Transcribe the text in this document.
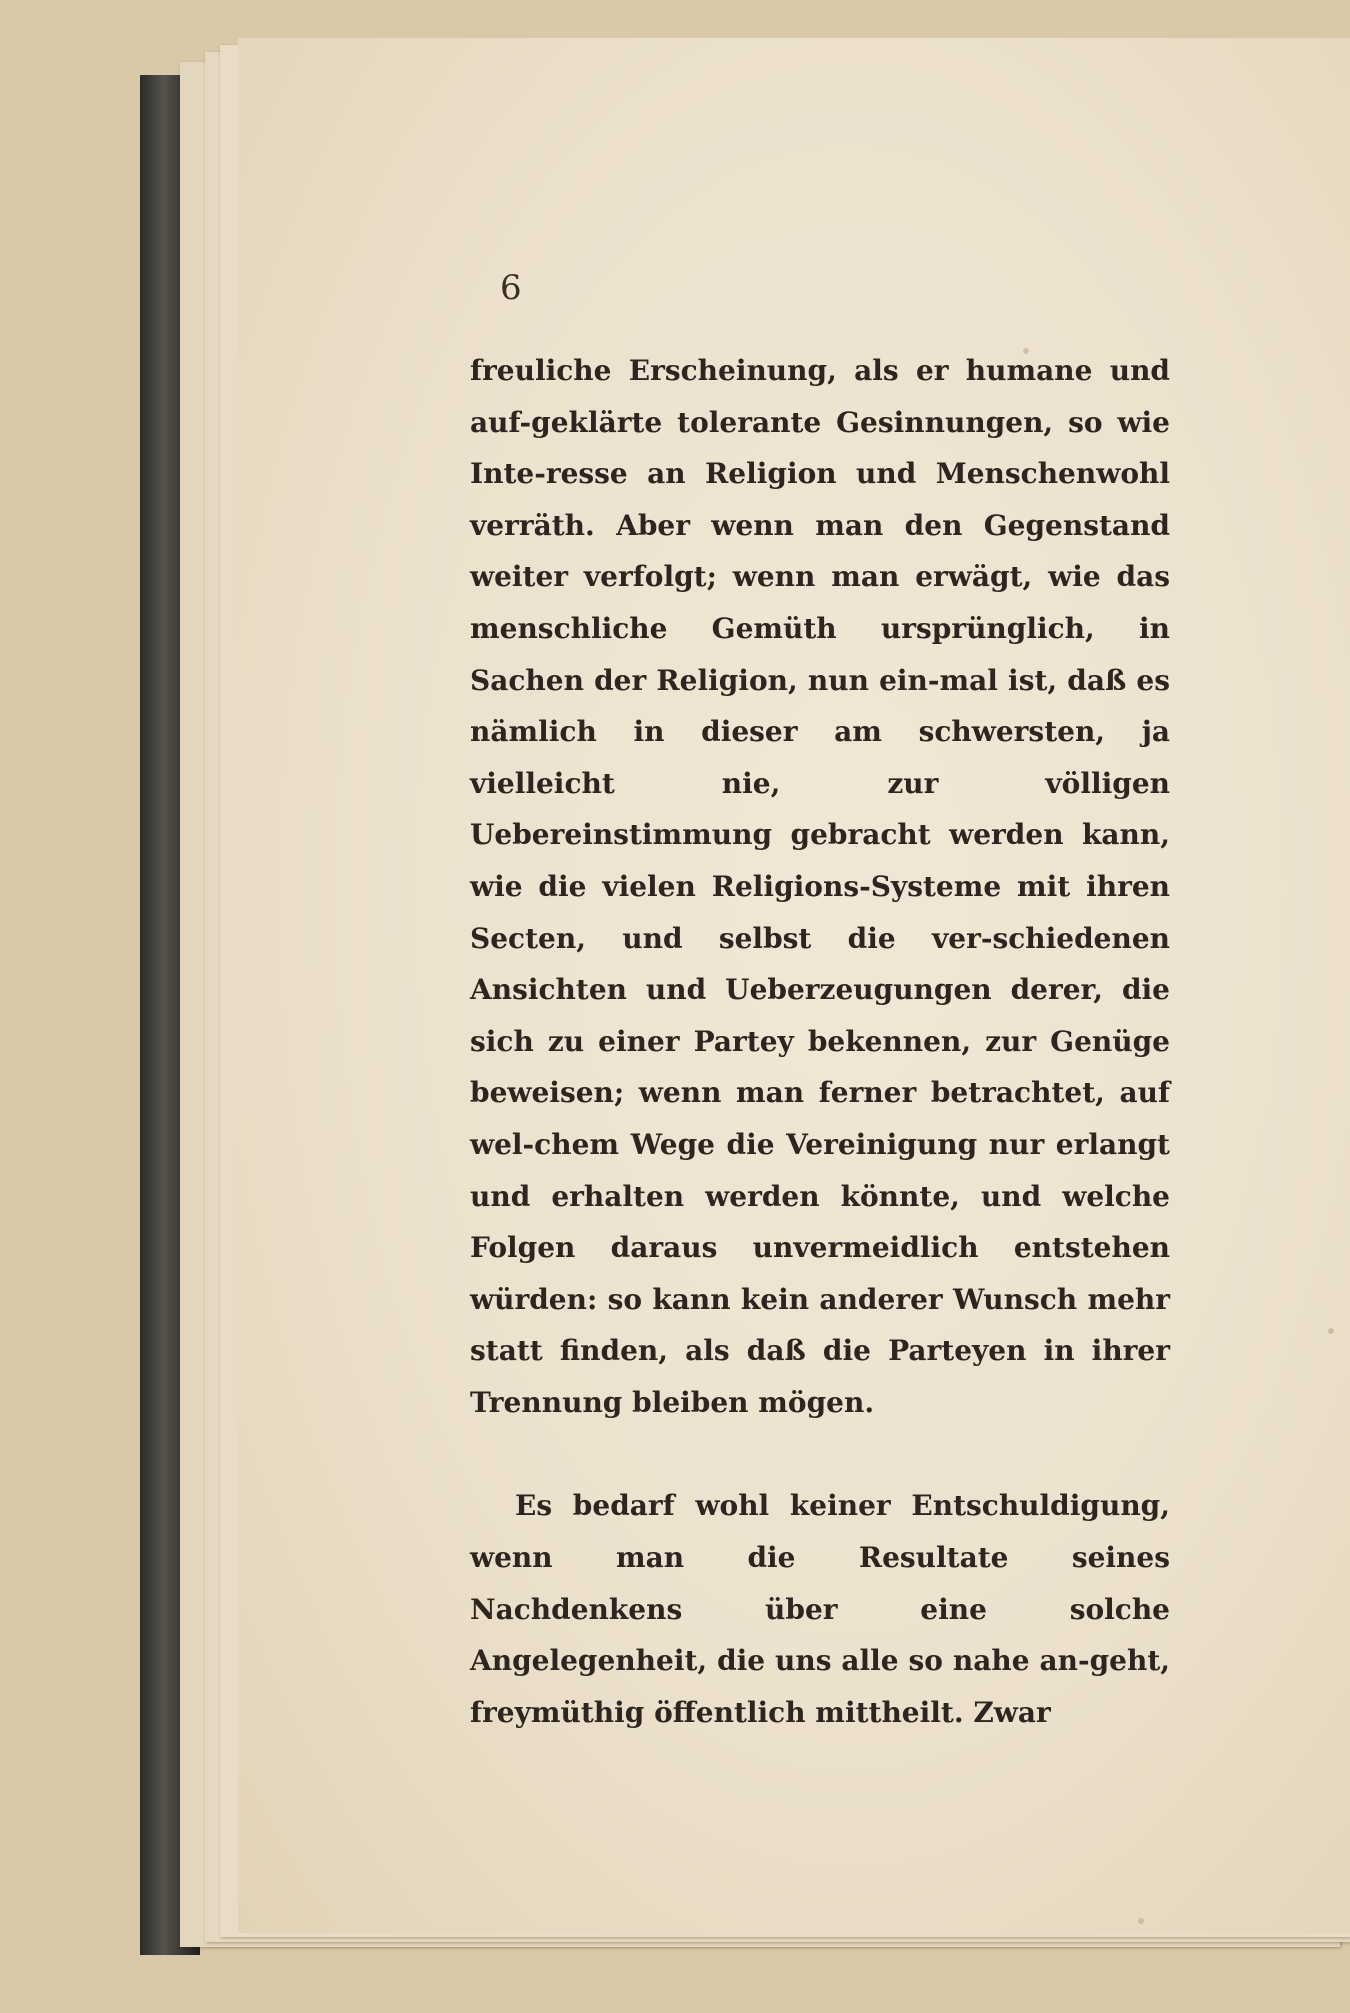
6

freuliche Erscheinung, als er humane und auf-geklärte tolerante Gesinnungen, so wie Inte-resse an Religion und Menschenwohl verräth. Aber wenn man den Gegenstand weiter verfolgt; wenn man erwägt, wie das menschliche Gemüth ursprünglich, in Sachen der Religion, nun ein-mal ist, daß es nämlich in dieser am schwersten, ja vielleicht nie, zur völligen Uebereinstimmung gebracht werden kann, wie die vielen Religions-Systeme mit ihren Secten, und selbst die ver-schiedenen Ansichten und Ueberzeugungen derer, die sich zu einer Partey bekennen, zur Genüge beweisen; wenn man ferner betrachtet, auf wel-chem Wege die Vereinigung nur erlangt und erhalten werden könnte, und welche Folgen daraus unvermeidlich entstehen würden: so kann kein anderer Wunsch mehr statt finden, als daß die Parteyen in ihrer Trennung bleiben mögen.

Es bedarf wohl keiner Entschuldigung, wenn man die Resultate seines Nachdenkens über eine solche Angelegenheit, die uns alle so nahe an-geht, freymüthig öffentlich mittheilt. Zwar
